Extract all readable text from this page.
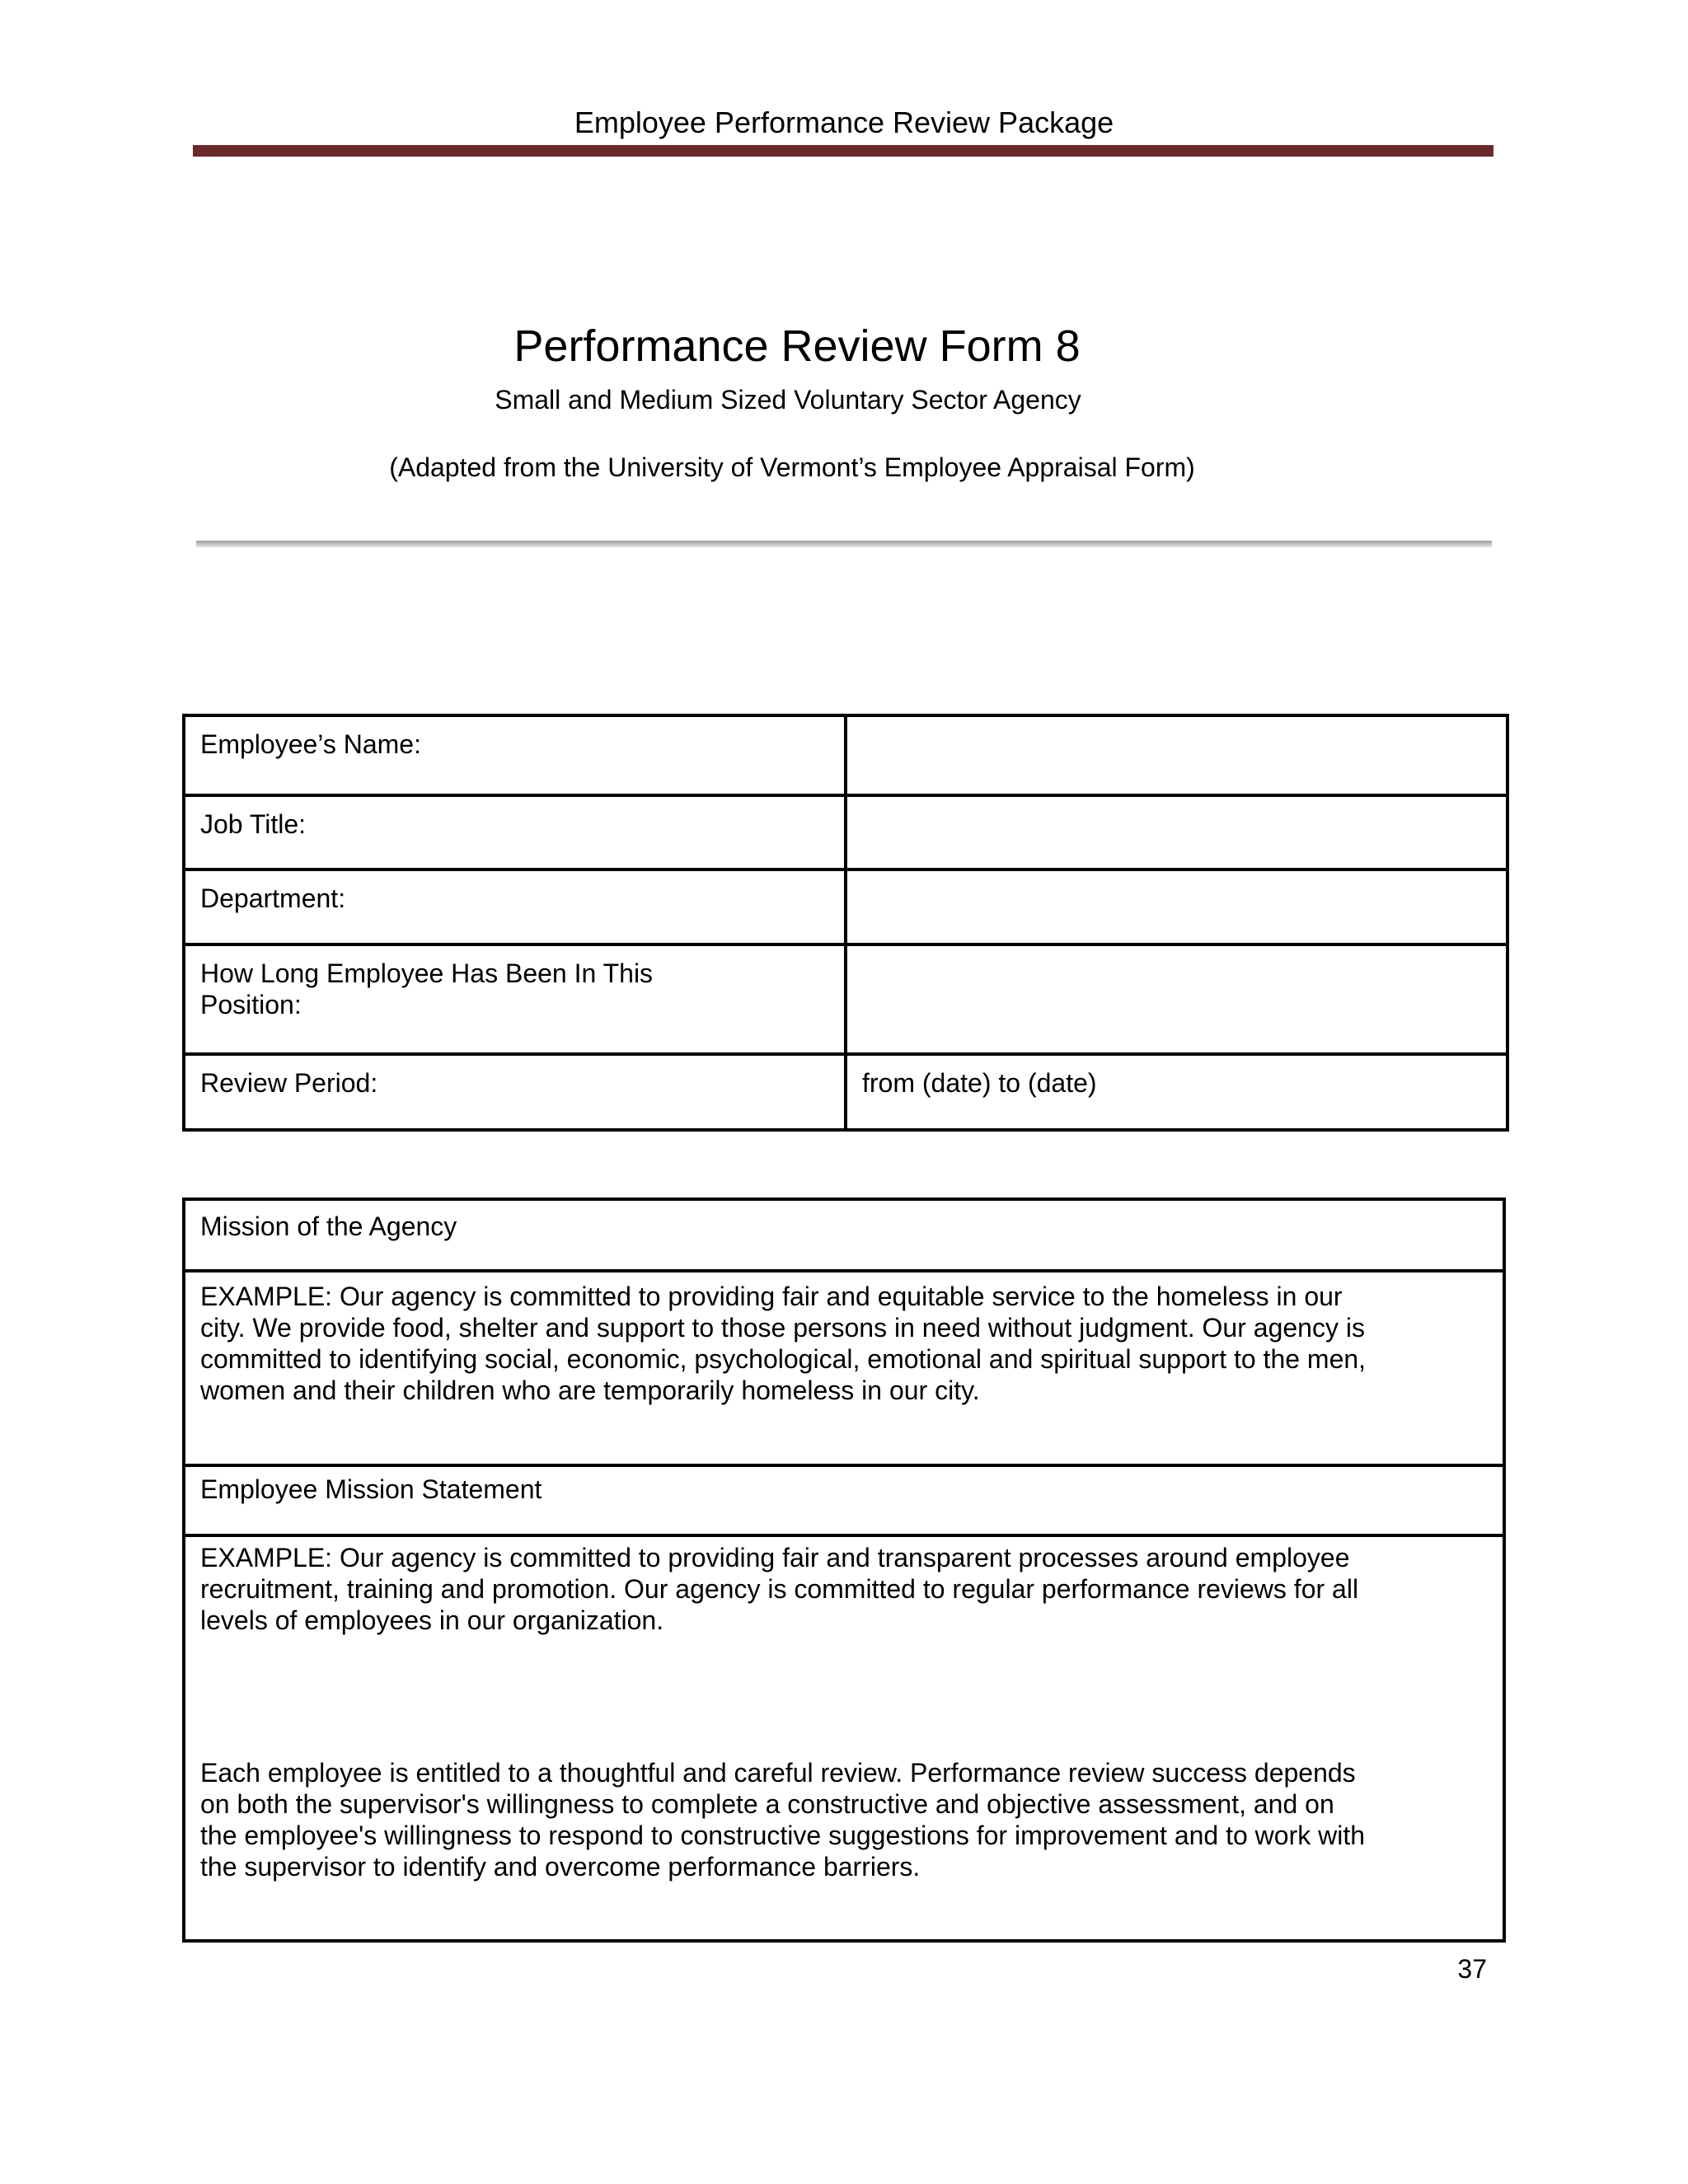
Employee Performance Review Package
Performance Review Form 8
Small and Medium Sized Voluntary Sector Agency
(Adapted from the University of Vermont’s Employee Appraisal Form)
Employee’s Name:	
Job Title:	
Department:	

How Long Employee Has Been In This Position:	

Review Period:	from (date) to (date)
Mission of the Agency
EXAMPLE: Our agency is committed to providing fair and equitable service to the homeless in our city. We provide food, shelter and support to those persons in need without judgment. Our agency is committed to identifying social, economic, psychological, emotional and spiritual support to the men, women and their children who are temporarily homeless in our city.
Employee Mission Statement
EXAMPLE: Our agency is committed to providing fair and transparent processes around employee recruitment, training and promotion. Our agency is committed to regular performance reviews for all levels of employees in our organization.
Each employee is entitled to a thoughtful and careful review. Performance review success depends on both the supervisor's willingness to complete a constructive and objective assessment, and on the employee's willingness to respond to constructive suggestions for improvement and to work with the supervisor to identify and overcome performance barriers.
37
